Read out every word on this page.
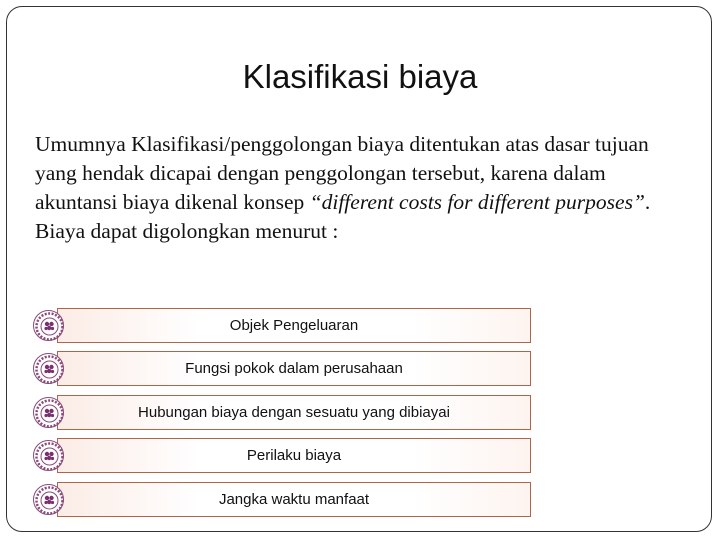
Klasifikasi biaya

Umumnya Klasifikasi/penggolongan biaya ditentukan atas dasar tujuan yang hendak dicapai dengan penggolongan tersebut, karena dalam akuntansi biaya dikenal konsep “different costs for different purposes”.

Biaya dapat digolongkan menurut :

Objek Pengeluaran
Fungsi pokok dalam perusahaan
Hubungan biaya dengan sesuatu yang dibiayai
Perilaku biaya
Jangka waktu manfaat
